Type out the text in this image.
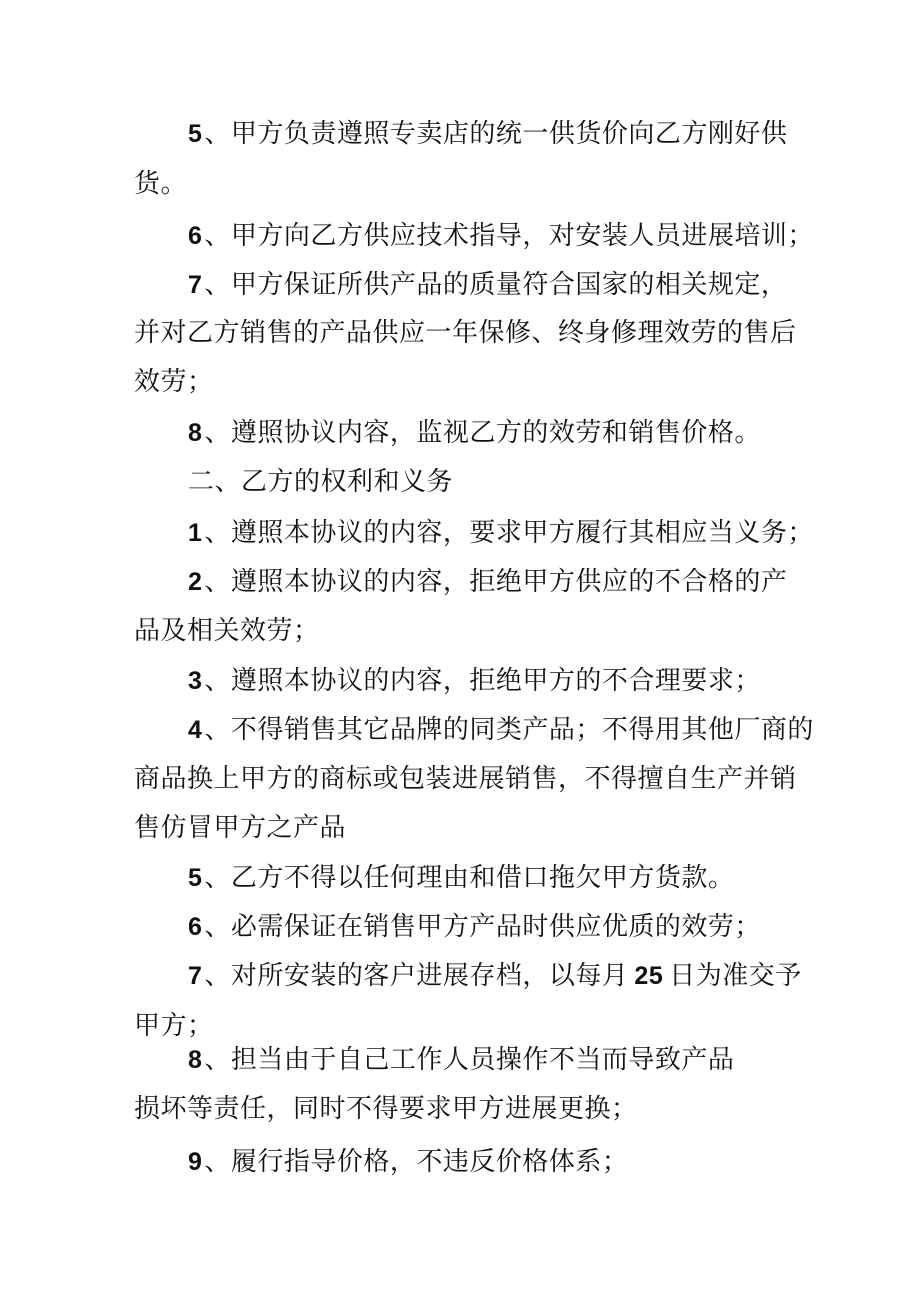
5、甲方负责遵照专卖店的统一供货价向乙方刚好供
货。
6、甲方向乙方供应技术指导，对安装人员进展培训；
7、甲方保证所供产品的质量符合国家的相关规定，
并对乙方销售的产品供应一年保修、终身修理效劳的售后
效劳；
8、遵照协议内容，监视乙方的效劳和销售价格。
二、乙方的权利和义务
1、遵照本协议的内容，要求甲方履行其相应当义务；
2、遵照本协议的内容，拒绝甲方供应的不合格的产
品及相关效劳；
3、遵照本协议的内容，拒绝甲方的不合理要求；
4、不得销售其它品牌的同类产品；不得用其他厂商的
商品换上甲方的商标或包装进展销售，不得擅自生产并销
售仿冒甲方之产品
5、乙方不得以任何理由和借口拖欠甲方货款。
6、必需保证在销售甲方产品时供应优质的效劳；
7、对所安装的客户进展存档，以每月 25 日为准交予
甲方；
8、担当由于自己工作人员操作不当而导致产品
损坏等责任，同时不得要求甲方进展更换；
9、履行指导价格，不违反价格体系；
